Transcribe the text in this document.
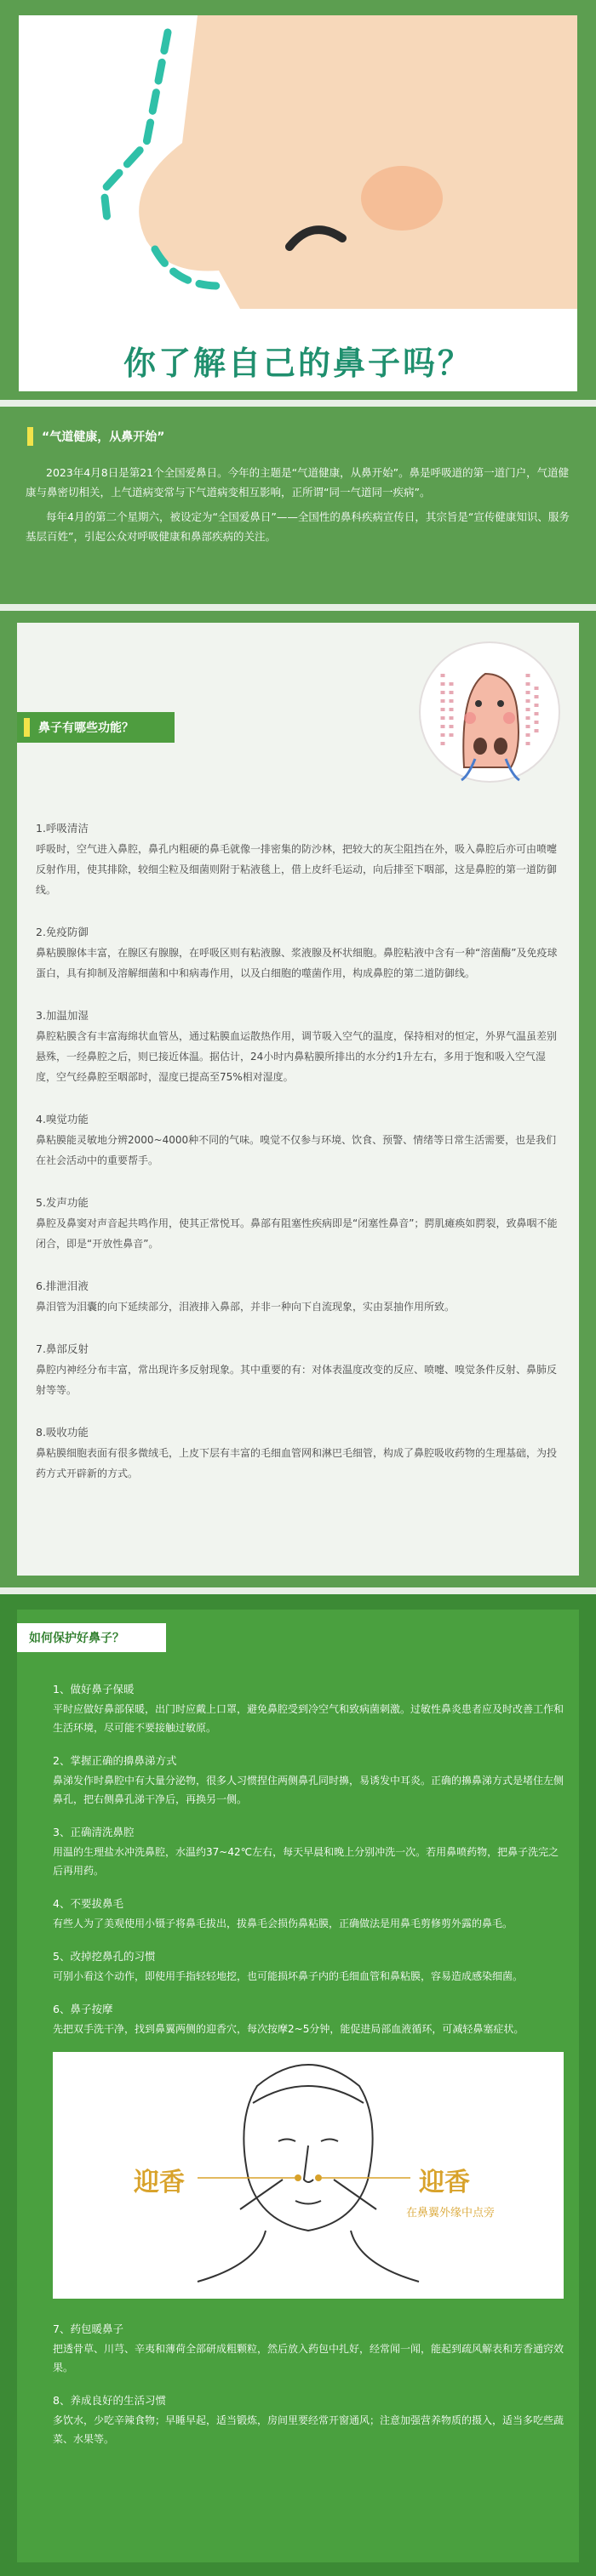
你了解自己的鼻子吗？
“气道健康，从鼻开始”

2023年4月8日是第21个全国爱鼻日。今年的主题是“气道健康，从鼻开始”。鼻是呼吸道的第一道门户，气道健康与鼻密切相关，上气道病变常与下气道病变相互影响，正所谓“同一气道同一疾病”。

每年4月的第二个星期六，被设定为“全国爱鼻日”——全国性的鼻科疾病宣传日，其宗旨是“宣传健康知识、服务基层百姓”，引起公众对呼吸健康和鼻部疾病的关注。

鼻子有哪些功能？
1.呼吸清洁
呼吸时，空气进入鼻腔，鼻孔内粗硬的鼻毛就像一排密集的防沙林，把较大的灰尘阻挡在外，吸入鼻腔后亦可由喷嚏反射作用，使其排除，较细尘粒及细菌则附于粘液毯上，借上皮纤毛运动，向后排至下咽部，这是鼻腔的第一道防御线。
2.免疫防御
鼻粘膜腺体丰富，在腺区有腺腺，在呼吸区则有粘液腺、浆液腺及杯状细胞。鼻腔粘液中含有一种“溶菌酶”及免疫球蛋白，具有抑制及溶解细菌和中和病毒作用，以及白细胞的噬菌作用，构成鼻腔的第二道防御线。
3.加温加湿
鼻腔粘膜含有丰富海绵状血管丛，通过粘膜血运散热作用，调节吸入空气的温度，保持相对的恒定，外界气温虽差别悬殊，一经鼻腔之后，则已接近体温。据估计，24小时内鼻粘膜所排出的水分约1升左右，多用于饱和吸入空气湿度，空气经鼻腔至咽部时，湿度已提高至75%相对湿度。
4.嗅觉功能
鼻粘膜能灵敏地分辨2000~4000种不同的气味。嗅觉不仅参与环境、饮食、预警、情绪等日常生活需要，也是我们在社会活动中的重要帮手。
5.发声功能
鼻腔及鼻窦对声音起共鸣作用，使其正常悦耳。鼻部有阻塞性疾病即是“闭塞性鼻音”；腭肌瘫痪如腭裂，致鼻咽不能闭合，即是“开放性鼻音”。
6.排泄泪液
鼻泪管为泪囊的向下延续部分，泪液排入鼻部，并非一种向下自流现象，实由泵抽作用所致。
7.鼻部反射
鼻腔内神经分布丰富，常出现许多反射现象。其中重要的有：对体表温度改变的反应、喷嚏、嗅觉条件反射、鼻肺反射等等。
8.吸收功能
鼻粘膜细胞表面有很多微绒毛，上皮下层有丰富的毛细血管网和淋巴毛细管，构成了鼻腔吸收药物的生理基础，为投药方式开辟新的方式。
如何保护好鼻子？
1、做好鼻子保暖
平时应做好鼻部保暖，出门时应戴上口罩，避免鼻腔受到冷空气和致病菌刺激。过敏性鼻炎患者应及时改善工作和生活环境，尽可能不要接触过敏原。
2、掌握正确的擤鼻涕方式
鼻涕发作时鼻腔中有大量分泌物，很多人习惯捏住两侧鼻孔同时擤，易诱发中耳炎。正确的擤鼻涕方式是堵住左侧鼻孔，把右侧鼻孔涕干净后，再换另一侧。
3、正确清洗鼻腔
用温的生理盐水冲洗鼻腔，水温约37~42℃左右，每天早晨和晚上分别冲洗一次。若用鼻喷药物，把鼻子洗完之后再用药。
4、不要拔鼻毛
有些人为了美观使用小镊子将鼻毛拔出，拔鼻毛会损伤鼻粘膜，正确做法是用鼻毛剪修剪外露的鼻毛。
5、改掉挖鼻孔的习惯
可别小看这个动作，即使用手指轻轻地挖，也可能损坏鼻子内的毛细血管和鼻粘膜，容易造成感染细菌。
6、鼻子按摩
先把双手洗干净，找到鼻翼两侧的迎香穴，每次按摩2~5分钟，能促进局部血液循环，可减轻鼻塞症状。
迎香	迎香
在鼻翼外缘中点旁
7、药包暖鼻子
把透骨草、川芎、辛夷和薄荷全部研成粗颗粒，然后放入药包中扎好，经常闻一闻，能起到疏风解表和芳香通窍效果。
8、养成良好的生活习惯
多饮水，少吃辛辣食物；早睡早起，适当锻炼，房间里要经常开窗通风；注意加强营养物质的摄入，适当多吃些蔬菜、水果等。
